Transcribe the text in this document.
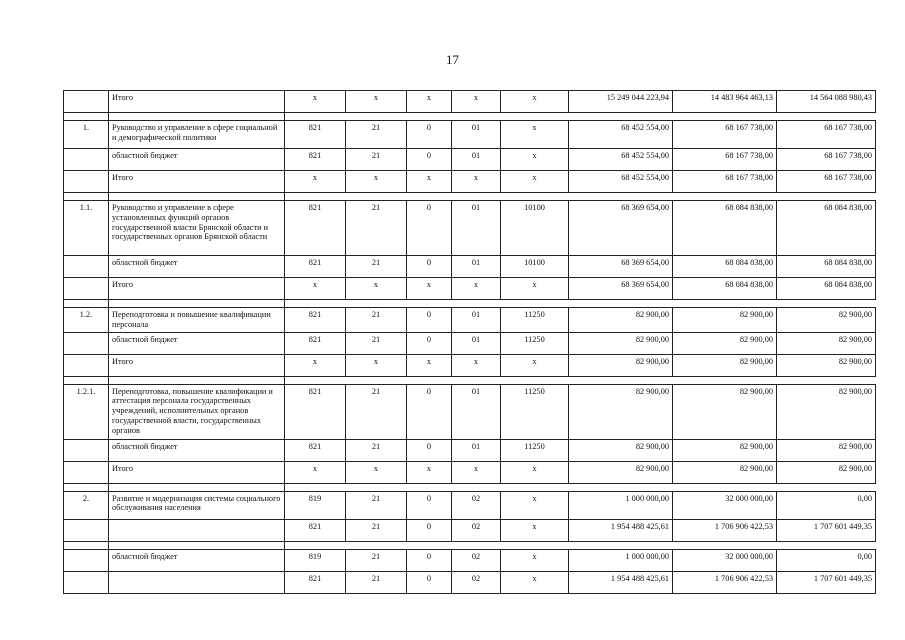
17
	Итого	х	х	х	х	х	15 249 044 223,94	14 483 964 463,13	14 564 088 980,43

1.	Руководство и управление в сфере социальной и демографической политики	821	21	0	01	х	68 452 554,00	68 167 738,00	68 167 738,00
	областной бюджет	821	21	0	01	х	68 452 554,00	68 167 738,00	68 167 738,00
	Итого	х	х	х	х	х	68 452 554,00	68 167 738,00	68 167 738,00

1.1.	Руководство и управление в сфере установленных функций органов государственной власти Брянской области и государственных органов Брянской области	821	21	0	01	10100	68 369 654,00	68 084 838,00	68 084 838,00
	областной бюджет	821	21	0	01	10100	68 369 654,00	68 084 838,00	68 084 838,00
	Итого	х	х	х	х	х	68 369 654,00	68 084 838,00	68 084 838,00

1.2.	Переподготовка и повышение квалификации персонала	821	21	0	01	11250	82 900,00	82 900,00	82 900,00
	областной бюджет	821	21	0	01	11250	82 900,00	82 900,00	82 900,00
	Итого	х	х	х	х	х	82 900,00	82 900,00	82 900,00

1.2.1.	Переподготовка, повышение квалификации и аттестация персонала государственных учреждений, исполнительных органов государственной власти, государственных органов	821	21	0	01	11250	82 900,00	82 900,00	82 900,00
	областной бюджет	821	21	0	01	11250	82 900,00	82 900,00	82 900,00
	Итого	х	х	х	х	х	82 900,00	82 900,00	82 900,00

2.	Развитие и модернизация системы социального обслуживания населения	819	21	0	02	х	1 000 000,00	32 000 000,00	0,00
		821	21	0	02	х	1 954 488 425,61	1 706 906 422,53	1 707 601 449,35

	областной бюджет	819	21	0	02	х	1 000 000,00	32 000 000,00	0,00
		821	21	0	02	х	1 954 488 425,61	1 706 906 422,53	1 707 601 449,35
